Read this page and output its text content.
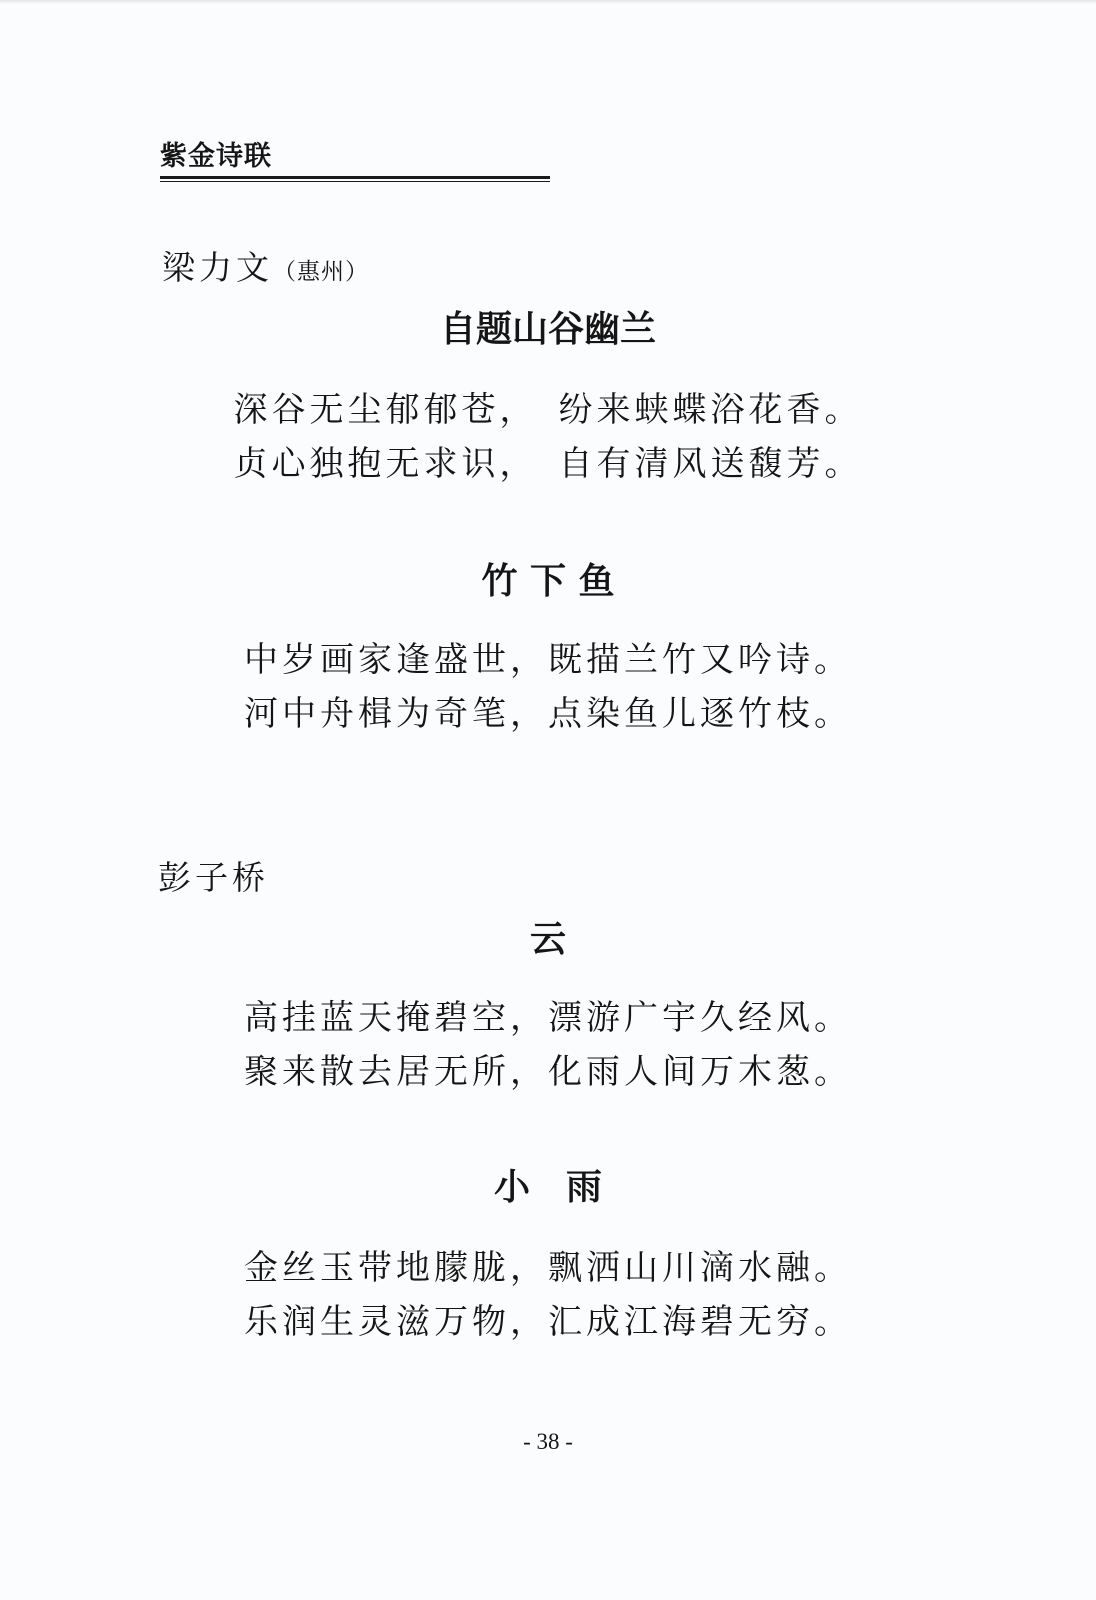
紫金诗联
梁力文（惠州）
自题山谷幽兰
深谷无尘郁郁苍，　纷来蛱蝶浴花香。
贞心独抱无求识，　自有清风送馥芳。
竹 下 鱼
中岁画家逢盛世，既描兰竹又吟诗。
河中舟楫为奇笔，点染鱼儿逐竹枝。
彭子桥
云
高挂蓝天掩碧空，漂游广宇久经风。
聚来散去居无所，化雨人间万木葱。
小　雨
金丝玉带地朦胧，飘洒山川滴水融。
乐润生灵滋万物，汇成江海碧无穷。
- 38 -
